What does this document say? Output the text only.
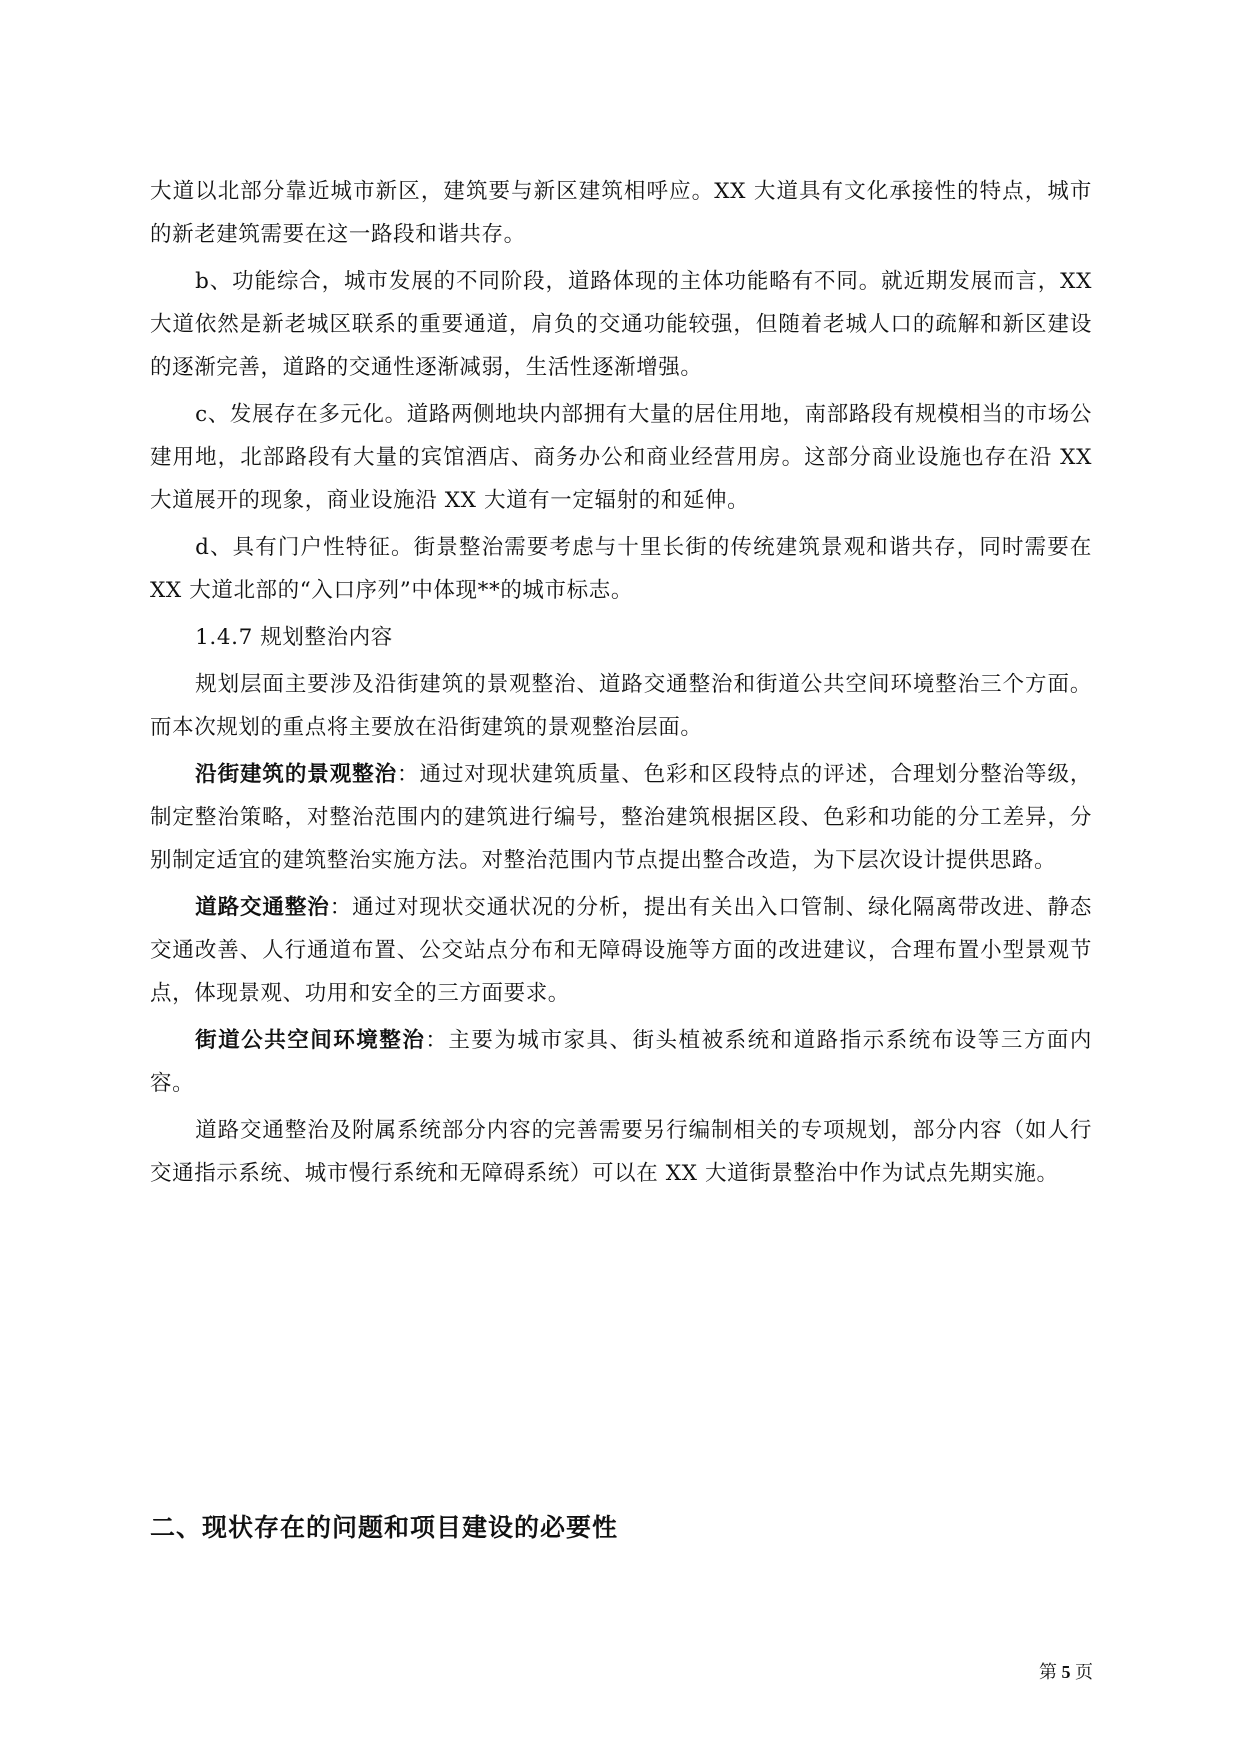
大道以北部分靠近城市新区，建筑要与新区建筑相呼应。XX 大道具有文化承接性的特点，城市的新老建筑需要在这一路段和谐共存。

b、功能综合，城市发展的不同阶段，道路体现的主体功能略有不同。就近期发展而言，XX 大道依然是新老城区联系的重要通道，肩负的交通功能较强，但随着老城人口的疏解和新区建设的逐渐完善，道路的交通性逐渐减弱，生活性逐渐增强。

c、发展存在多元化。道路两侧地块内部拥有大量的居住用地，南部路段有规模相当的市场公建用地，北部路段有大量的宾馆酒店、商务办公和商业经营用房。这部分商业设施也存在沿 XX 大道展开的现象，商业设施沿 XX 大道有一定辐射的和延伸。

d、具有门户性特征。街景整治需要考虑与十里长街的传统建筑景观和谐共存，同时需要在 XX 大道北部的“入口序列”中体现**的城市标志。

1.4.7 规划整治内容

规划层面主要涉及沿街建筑的景观整治、道路交通整治和街道公共空间环境整治三个方面。而本次规划的重点将主要放在沿街建筑的景观整治层面。

沿街建筑的景观整治：通过对现状建筑质量、色彩和区段特点的评述，合理划分整治等级，制定整治策略，对整治范围内的建筑进行编号，整治建筑根据区段、色彩和功能的分工差异，分别制定适宜的建筑整治实施方法。对整治范围内节点提出整合改造，为下层次设计提供思路。

道路交通整治：通过对现状交通状况的分析，提出有关出入口管制、绿化隔离带改进、静态交通改善、人行通道布置、公交站点分布和无障碍设施等方面的改进建议，合理布置小型景观节点，体现景观、功用和安全的三方面要求。

街道公共空间环境整治：主要为城市家具、街头植被系统和道路指示系统布设等三方面内容。

道路交通整治及附属系统部分内容的完善需要另行编制相关的专项规划，部分内容（如人行交通指示系统、城市慢行系统和无障碍系统）可以在 XX 大道街景整治中作为试点先期实施。

二、现状存在的问题和项目建设的必要性
第 5 页
